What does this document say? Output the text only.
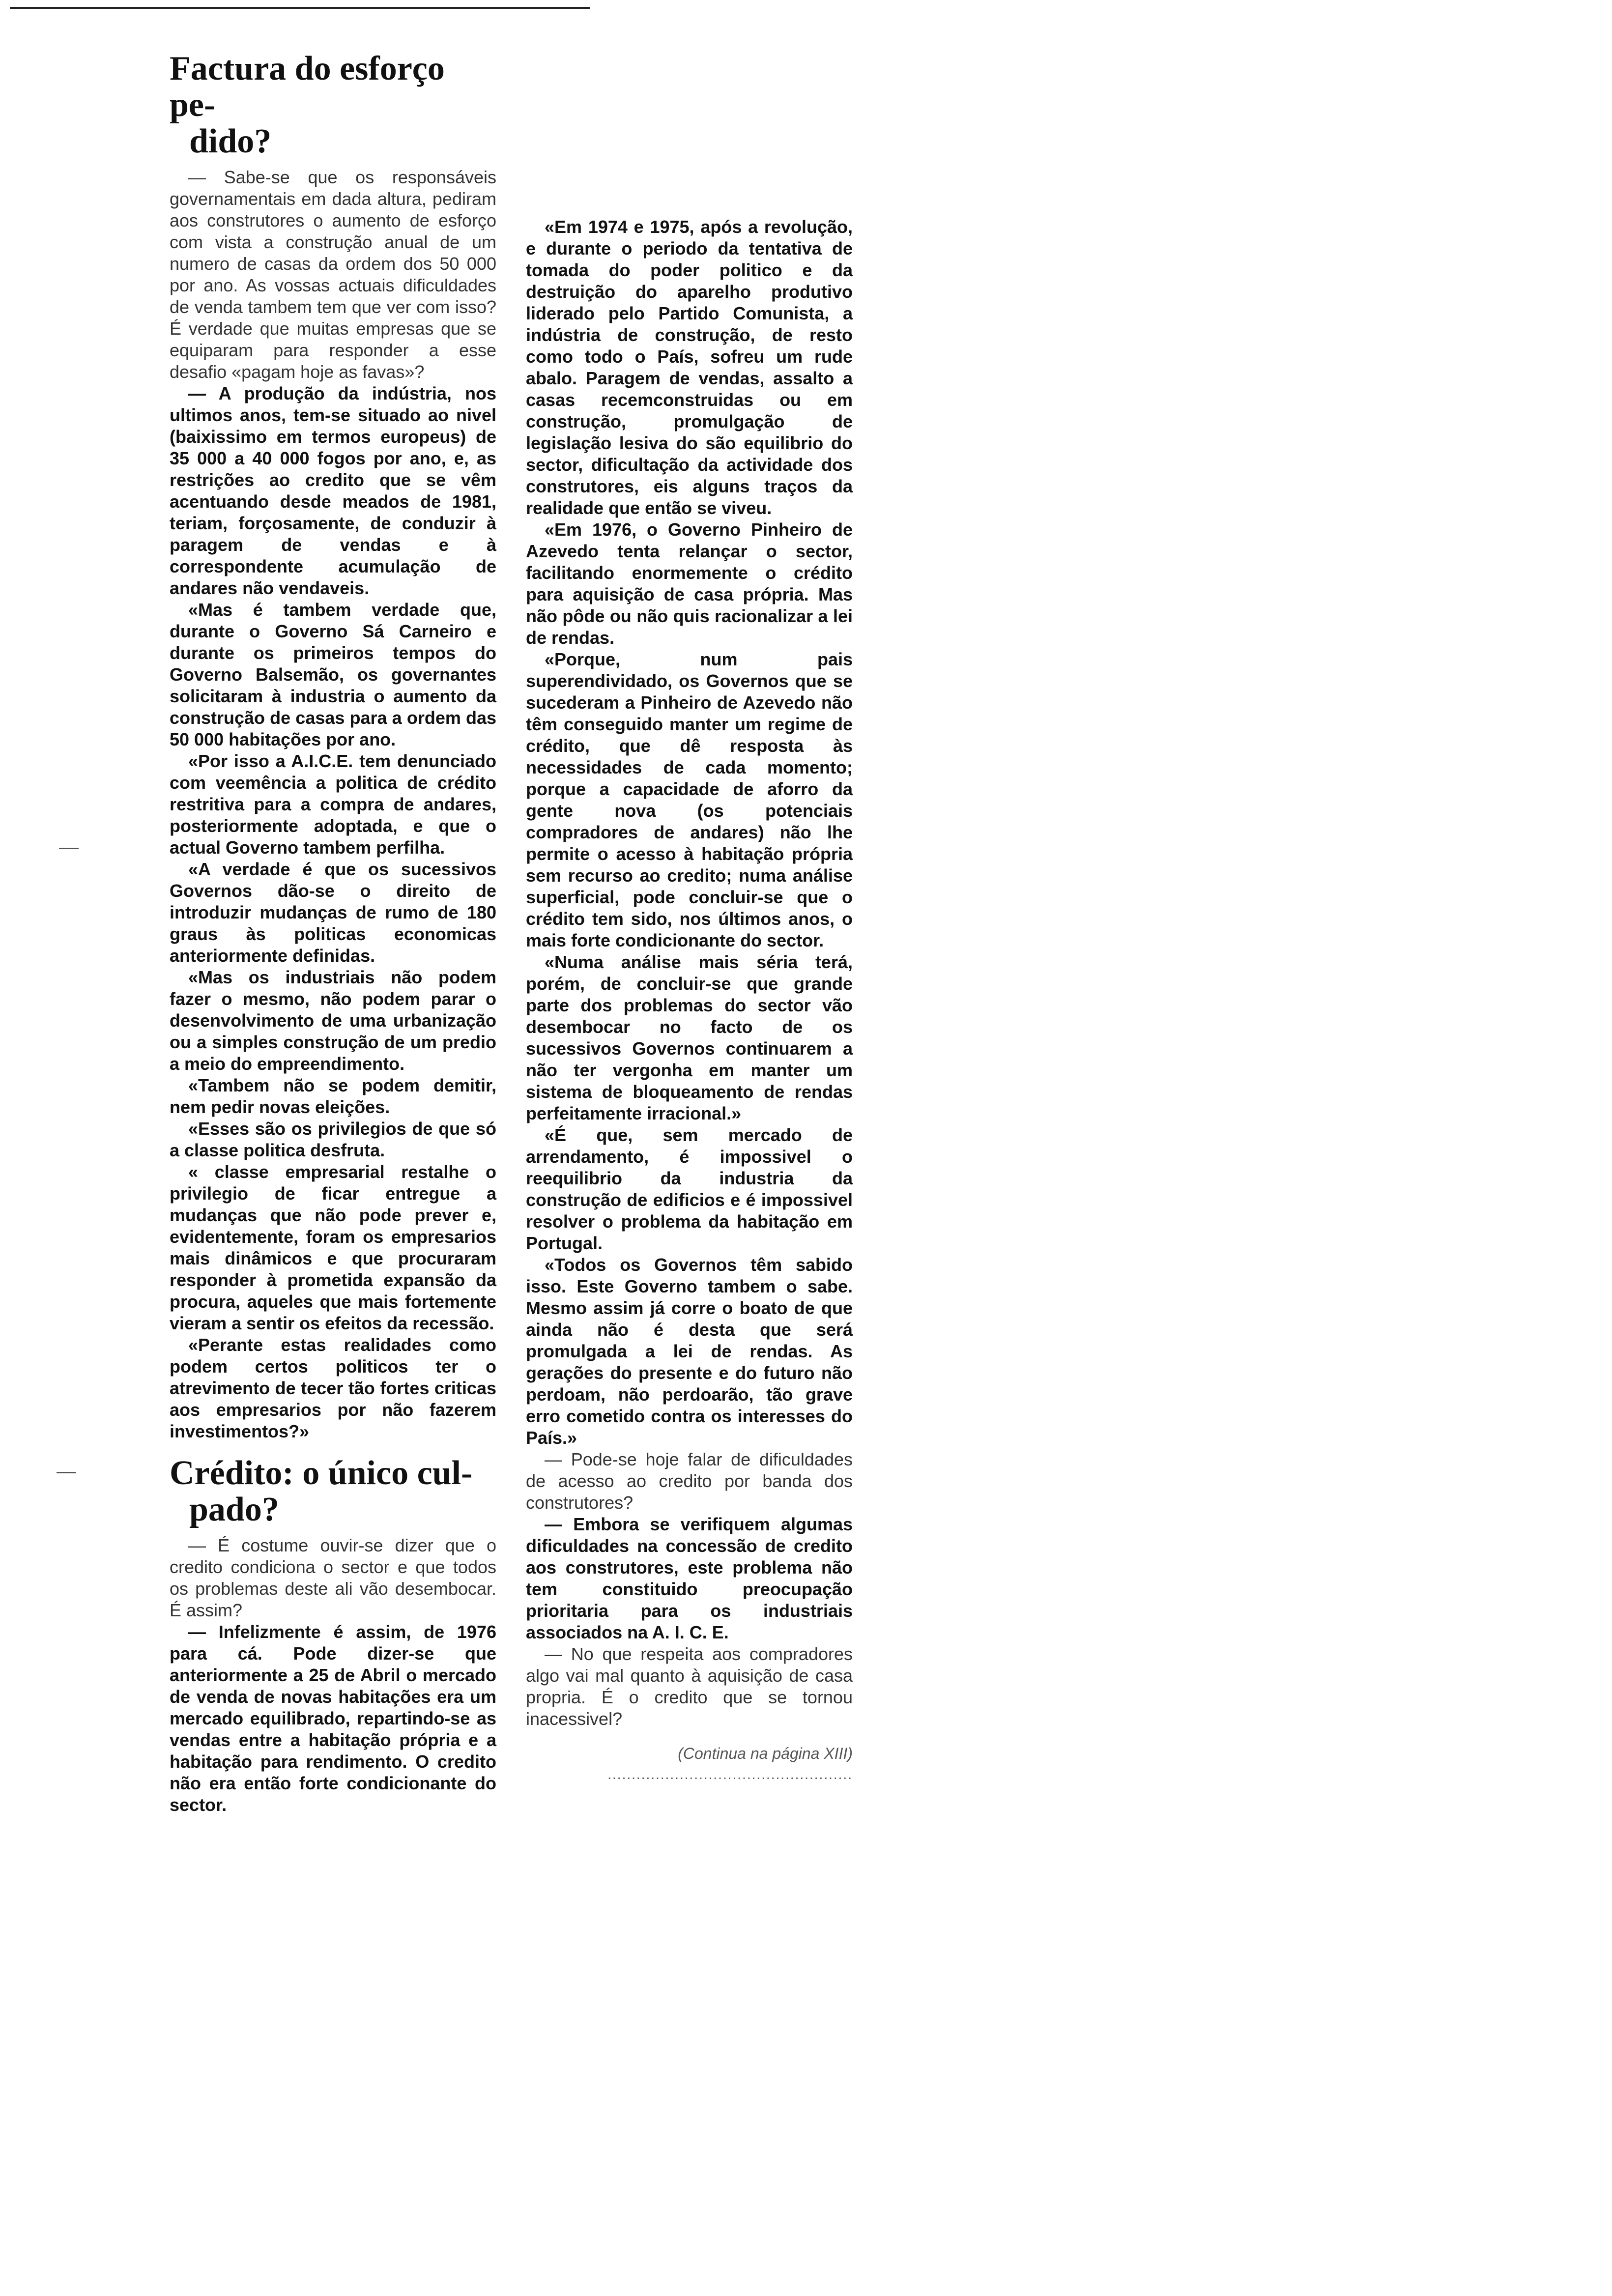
Factura do esforço pe-
dido?

— Sabe-se que os responsáveis governamentais em dada altura, pediram aos construtores o aumento de esforço com vista a construção anual de um numero de casas da ordem dos 50 000 por ano. As vossas actuais dificuldades de venda tambem tem que ver com isso? É verdade que muitas empresas que se equiparam para responder a esse desafio «pagam hoje as favas»?

— A produção da indústria, nos ultimos anos, tem-se situado ao nivel (baixissimo em termos europeus) de 35 000 a 40 000 fogos por ano, e, as restrições ao credito que se vêm acentuando desde meados de 1981, teriam, forçosamente, de conduzir à paragem de vendas e à correspondente acumulação de andares não vendaveis.

«Mas é tambem verdade que, durante o Governo Sá Carneiro e durante os primeiros tempos do Governo Balsemão, os governantes solicitaram à industria o aumento da construção de casas para a ordem das 50 000 habitações por ano.

«Por isso a A.I.C.E. tem denunciado com veemência a politica de crédito restritiva para a compra de andares, posteriormente adoptada, e que o actual Governo tambem perfilha.

«A verdade é que os sucessivos Governos dão-se o direito de introduzir mudanças de rumo de 180 graus às politicas economicas anteriormente definidas.

«Mas os industriais não podem fazer o mesmo, não podem parar o desenvolvimento de uma urbanização ou a simples construção de um predio a meio do empreendimento.

«Tambem não se podem demitir, nem pedir novas eleições.

«Esses são os privilegios de que só a classe politica desfruta.

« classe empresarial restalhe o privilegio de ficar entregue a mudanças que não pode prever e, evidentemente, foram os empresarios mais dinâmicos e que procuraram responder à prometida expansão da procura, aqueles que mais fortemente vieram a sentir os efeitos da recessão.

«Perante estas realidades como podem certos politicos ter o atrevimento de tecer tão fortes criticas aos empresarios por não fazerem investimentos?»

Crédito: o único cul-
pado?

— É costume ouvir-se dizer que o credito condiciona o sector e que todos os problemas deste ali vão desembocar. É assim?

— Infelizmente é assim, de 1976 para cá. Pode dizer-se que anteriormente a 25 de Abril o mercado de venda de novas habitações era um mercado equilibrado, repartindo-se as vendas entre a habitação própria e a habitação para rendimento. O credito não era então forte condicionante do sector.

«Em 1974 e 1975, após a revolução, e durante o periodo da tentativa de tomada do poder politico e da destruição do aparelho produtivo liderado pelo Partido Comunista, a indústria de construção, de resto como todo o País, sofreu um rude abalo. Paragem de vendas, assalto a casas recemconstruidas ou em construção, promulgação de legislação lesiva do são equilibrio do sector, dificultação da actividade dos construtores, eis alguns traços da realidade que então se viveu.

«Em 1976, o Governo Pinheiro de Azevedo tenta relançar o sector, facilitando enormemente o crédito para aquisição de casa própria. Mas não pôde ou não quis racionalizar a lei de rendas.

«Porque, num pais superendividado, os Governos que se sucederam a Pinheiro de Azevedo não têm conseguido manter um regime de crédito, que dê resposta às necessidades de cada momento; porque a capacidade de aforro da gente nova (os potenciais compradores de andares) não lhe permite o acesso à habitação própria sem recurso ao credito; numa análise superficial, pode concluir-se que o crédito tem sido, nos últimos anos, o mais forte condicionante do sector.

«Numa análise mais séria terá, porém, de concluir-se que grande parte dos problemas do sector vão desembocar no facto de os sucessivos Governos continuarem a não ter vergonha em manter um sistema de bloqueamento de rendas perfeitamente irracional.»

«É que, sem mercado de arrendamento, é impossivel o reequilibrio da industria da construção de edificios e é impossivel resolver o problema da habitação em Portugal.

«Todos os Governos têm sabido isso. Este Governo tambem o sabe. Mesmo assim já corre o boato de que ainda não é desta que será promulgada a lei de rendas. As gerações do presente e do futuro não perdoam, não perdoarão, tão grave erro cometido contra os interesses do País.»

— Pode-se hoje falar de dificuldades de acesso ao credito por banda dos construtores?

— Embora se verifiquem algumas dificuldades na concessão de credito aos construtores, este problema não tem constituido preocupação prioritaria para os industriais associados na A. I. C. E.

— No que respeita aos compradores algo vai mal quanto à aquisição de casa propria. É o credito que se tornou inacessivel?

(Continua na página XIII)
...................................................
